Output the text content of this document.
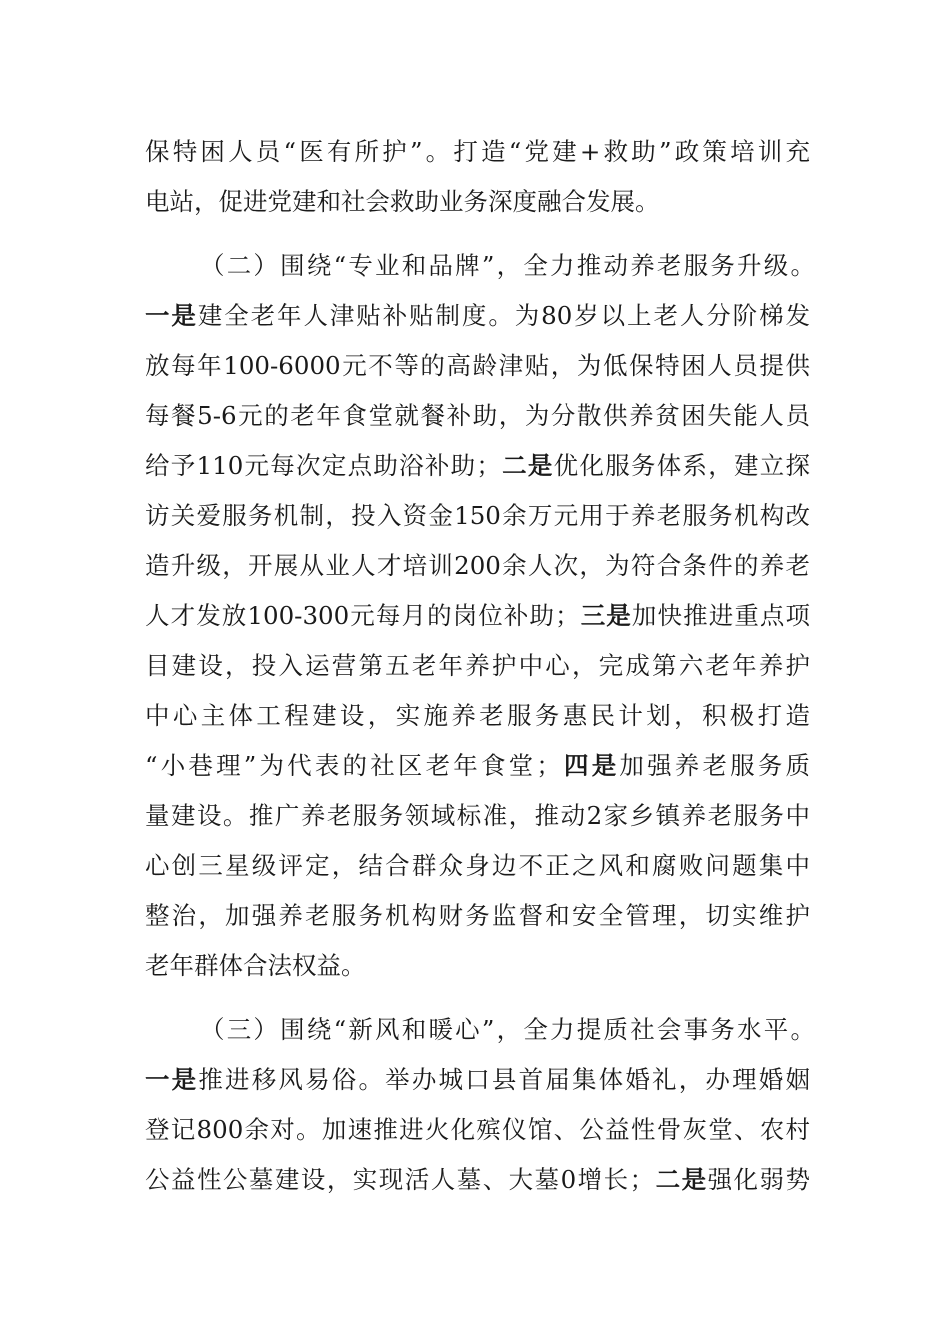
保特困人员“医有所护”。打造“党建+救助”政策培训充
电站，促进党建和社会救助业务深度融合发展。
（二）围绕“专业和品牌”，全力推动养老服务升级。
一是建全老年人津贴补贴制度。为80岁以上老人分阶梯发
放每年100-6000元不等的高龄津贴，为低保特困人员提供
每餐5-6元的老年食堂就餐补助，为分散供养贫困失能人员
给予110元每次定点助浴补助；二是优化服务体系，建立探
访关爱服务机制，投入资金150余万元用于养老服务机构改
造升级，开展从业人才培训200余人次，为符合条件的养老
人才发放100-300元每月的岗位补助；三是加快推进重点项
目建设，投入运营第五老年养护中心，完成第六老年养护
中心主体工程建设，实施养老服务惠民计划，积极打造
“小巷理”为代表的社区老年食堂；四是加强养老服务质
量建设。推广养老服务领域标准，推动2家乡镇养老服务中
心创三星级评定，结合群众身边不正之风和腐败问题集中
整治，加强养老服务机构财务监督和安全管理，切实维护
老年群体合法权益。
（三）围绕“新风和暖心”，全力提质社会事务水平。
一是推进移风易俗。举办城口县首届集体婚礼，办理婚姻
登记800余对。加速推进火化殡仪馆、公益性骨灰堂、农村
公益性公墓建设，实现活人墓、大墓0增长；二是强化弱势
